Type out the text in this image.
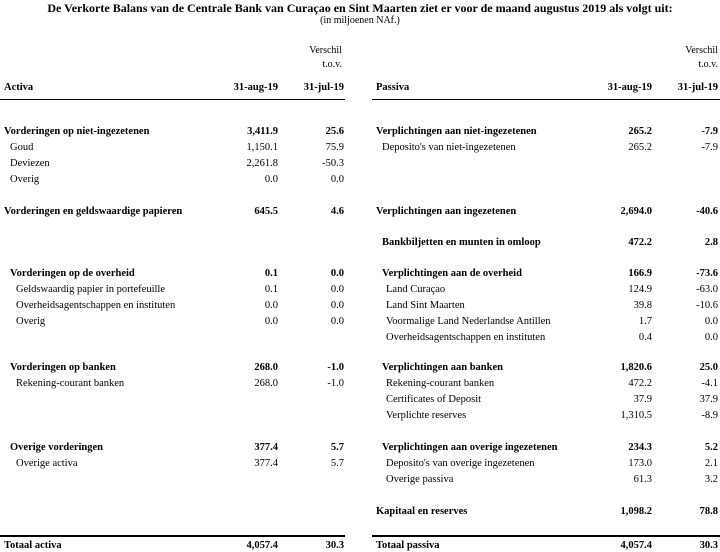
De Verkorte Balans van de Centrale Bank van Curaçao en Sint Maarten ziet er voor de maand augustus 2019 als volgt uit:
(in miljoenen NAf.)
Verschil
t.o.v.
Verschil
t.o.v.
Activa	31-aug-19	31-jul-19	Passiva	31-aug-19	31-jul-19
Vorderingen op niet-ingezetenen	3,411.9	25.6
Goud	1,150.1	75.9
Deviezen	2,261.8	-50.3
Overig	0.0	0.0
Vorderingen en geldswaardige papieren	645.5	4.6
Vorderingen op de overheid	0.1	0.0
Geldswaardig papier in portefeuille	0.1	0.0
Overheidsagentschappen en instituten	0.0	0.0
Overig	0.0	0.0
Vorderingen op banken	268.0	-1.0
Rekening-courant banken	268.0	-1.0
Overige vorderingen	377.4	5.7
Overige activa	377.4	5.7
Verplichtingen aan niet-ingezetenen	265.2	-7.9
Deposito's van niet-ingezetenen	265.2	-7.9
Verplichtingen aan ingezetenen	2,694.0	-40.6
Bankbiljetten en munten in omloop	472.2	2.8
Verplichtingen aan de overheid	166.9	-73.6
Land Curaçao	124.9	-63.0
Land Sint Maarten	39.8	-10.6
Voormalige Land Nederlandse Antillen	1.7	0.0
Overheidsagentschappen en instituten	0.4	0.0
Verplichtingen aan banken	1,820.6	25.0
Rekening-courant banken	472.2	-4.1
Certificates of Deposit	37.9	37.9
Verplichte reserves	1,310.5	-8.9
Verplichtingen aan overige ingezetenen	234.3	5.2
Deposito's van overige ingezetenen	173.0	2.1
Overige passiva	61.3	3.2
Kapitaal en reserves	1,098.2	78.8
Totaal activa	4,057.4	30.3	Totaal passiva	4,057.4	30.3
